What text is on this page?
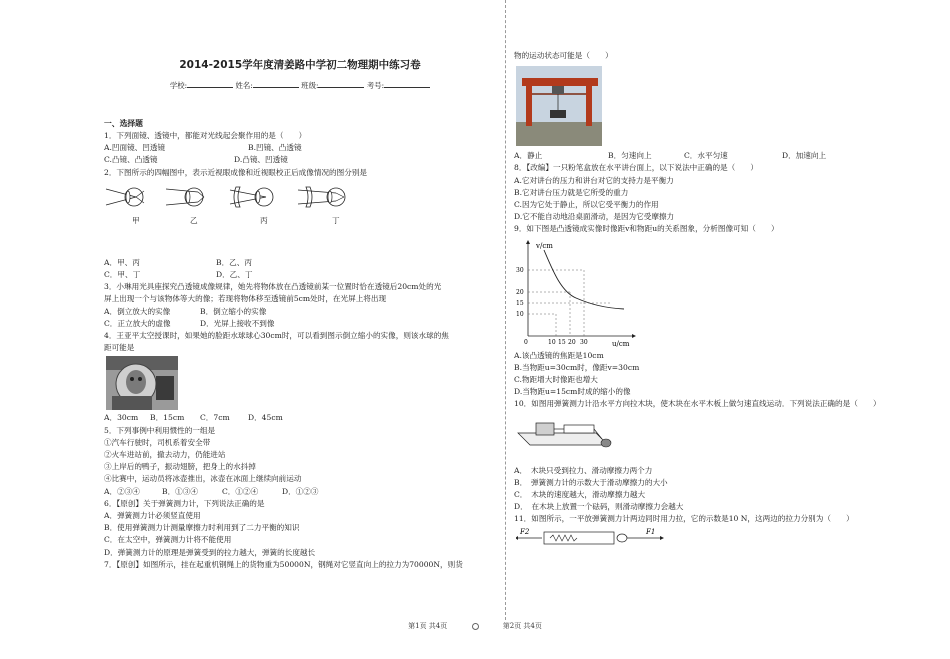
2014-2015学年度清姜路中学初二物理期中练习卷
学校:	姓名:	班级:	考号:
一、选择题
1．下列面镜、透镜中，都能对光线起会聚作用的是（　　）
A.凹面镜、凹透镜	B.凹镜、凸透镜
C.凸镜、凸透镜	D.凸镜、凹透镜
2．下图所示的四幅图中，表示近视眼成像和近视眼校正后成像情况的图分别是
甲	乙	丙	丁
A．甲、丙	B．乙、丙
C．甲、丁	D．乙、丁
3．小琳用光具座探究凸透镜成像规律，她先将物体放在凸透镜前某一位置时恰在透镜后20cm处的光
屏上出现一个与该物体等大的像；若现将物体移至透镜前5cm处时，在光屏上将出现
A．倒立放大的实像	B．倒立缩小的实像
C．正立放大的虚像	D．光屏上接收不到像
4．王亚平太空授课时，如果她的脸距水球球心30cm时，可以看到图示倒立缩小的实像，则该水球的焦
距可能是
A．30cm B．15cm C．7cm D．45cm
5．下列事例中利用惯性的一组是
①汽车行驶时，司机系着安全带
②火车进站前，撤去动力，仍能进站
③上岸后的鸭子，振动翅膀，把身上的水抖掉
④比赛中，运动员将冰壶推出，冰壶在冰面上继续向前运动
A．②③④	B．①③④	C．①②④	D．①②③
6．【原创】关于弹簧测力计，下列说法正确的是
A．弹簧测力计必须竖直使用
B．使用弹簧测力计测量摩擦力时利用到了二力平衡的知识
C．在太空中，弹簧测力计将不能使用
D．弹簧测力计的原理是弹簧受到的拉力越大，弹簧的长度越长
7．【原创】如图所示，挂在起重机钢绳上的货物重为50000N，钢绳对它竖直向上的拉力为70000N，则货
物的运动状态可能是（　　）
A．静止	B．匀速向上	C．水平匀速	D．加速向上
8．【改编】一只粉笔盒放在水平讲台面上，以下说法中正确的是（　　）
A.它对讲台的压力和讲台对它的支持力是平衡力
B.它对讲台压力就是它所受的重力
C.因为它处于静止，所以它受平衡力的作用
D.它不能自动地沿桌面滑动，是因为它受摩擦力
9．如下图是凸透镜成实像时像距v和物距u的关系图象，分析图像可知（　　）
v/cm
u/cm
30
20
15
10
0	10 15 20 30
A.该凸透镜的焦距是10cm
B.当物距u=30cm时，像距v=30cm
C.物距增大时像距也增大
D.当物距u=15cm时成的缩小的像
10．如图用弹簧测力计沿水平方向拉木块，使木块在水平木板上做匀速直线运动．下列说法正确的是（　　）
A．　木块只受到拉力、滑动摩擦力两个力
B．　弹簧测力计的示数大于滑动摩擦力的大小
C．　木块的速度越大，滑动摩擦力越大
D．　在木块上放置一个砝码，则滑动摩擦力会越大
11．如图所示，一平放弹簧测力计两边同时用力拉，它的示数是10 N，这两边的拉力分别为（　　）
F2	F1
第1页 共4页	第2页 共4页
